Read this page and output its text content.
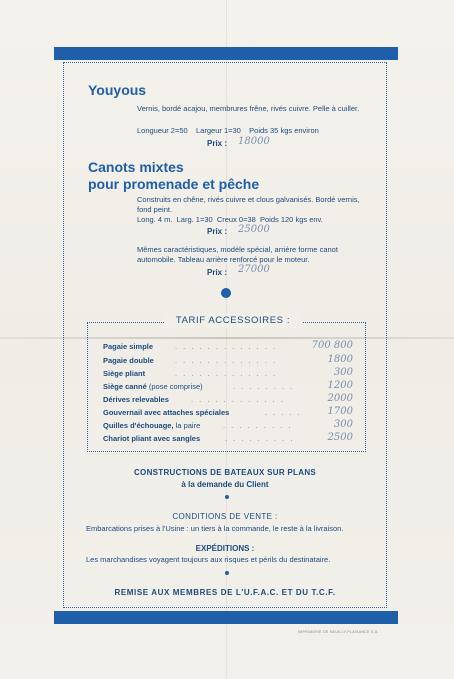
Youyous
Vernis, bordé acajou, membrures frêne, rivés cuivre. Pelle à cuiller.
Longueur 2=50    Largeur 1=30    Poids 35 kgs environ
Prix : 18000
Canots mixtes
pour promenade et pêche
Construits en chêne, rivés cuivre et clous galvanisés. Bordé vernis, fond peint.
Long. 4 m.  Larg. 1=30  Creux 0=38  Poids 120 kgs env.
Prix : 25000
Mêmes caractéristiques, modèle spécial, arrière forme canot automobile. Tableau arrière renforcé pour le moteur.
Prix : 27000
TARIF ACCESSOIRES :
Pagaie simple	. . . . . . . . . . . . .	700 800
Pagaie double	. . . . . . . . . . . . .	1800
Siège pliant	. . . . . . . . . . . . .	300
Siège canné (pose comprise)	. . . . . . . .	1200
Dérives relevables	. . . . . . . . . . . .	2000
Gouvernail avec attaches spéciales	. . . . .	1700
Quilles d'échouage, la paire	. . . . . . . . .	300
Chariot pliant avec sangles	. . . . . . . . .	2500
CONSTRUCTIONS DE BATEAUX SUR PLANS
à la demande du Client
CONDITIONS DE VENTE :
Embarcations prises à l'Usine : un tiers à la commande, le reste à la livraison.
EXPÉDITIONS :
Les marchandises voyagent toujours aux risques et périls du destinataire.
REMISE AUX MEMBRES DE L'U.F.A.C. ET DU T.C.F.
IMPRIMERIE DE NEUILLY-PLAISANCE S.A.
